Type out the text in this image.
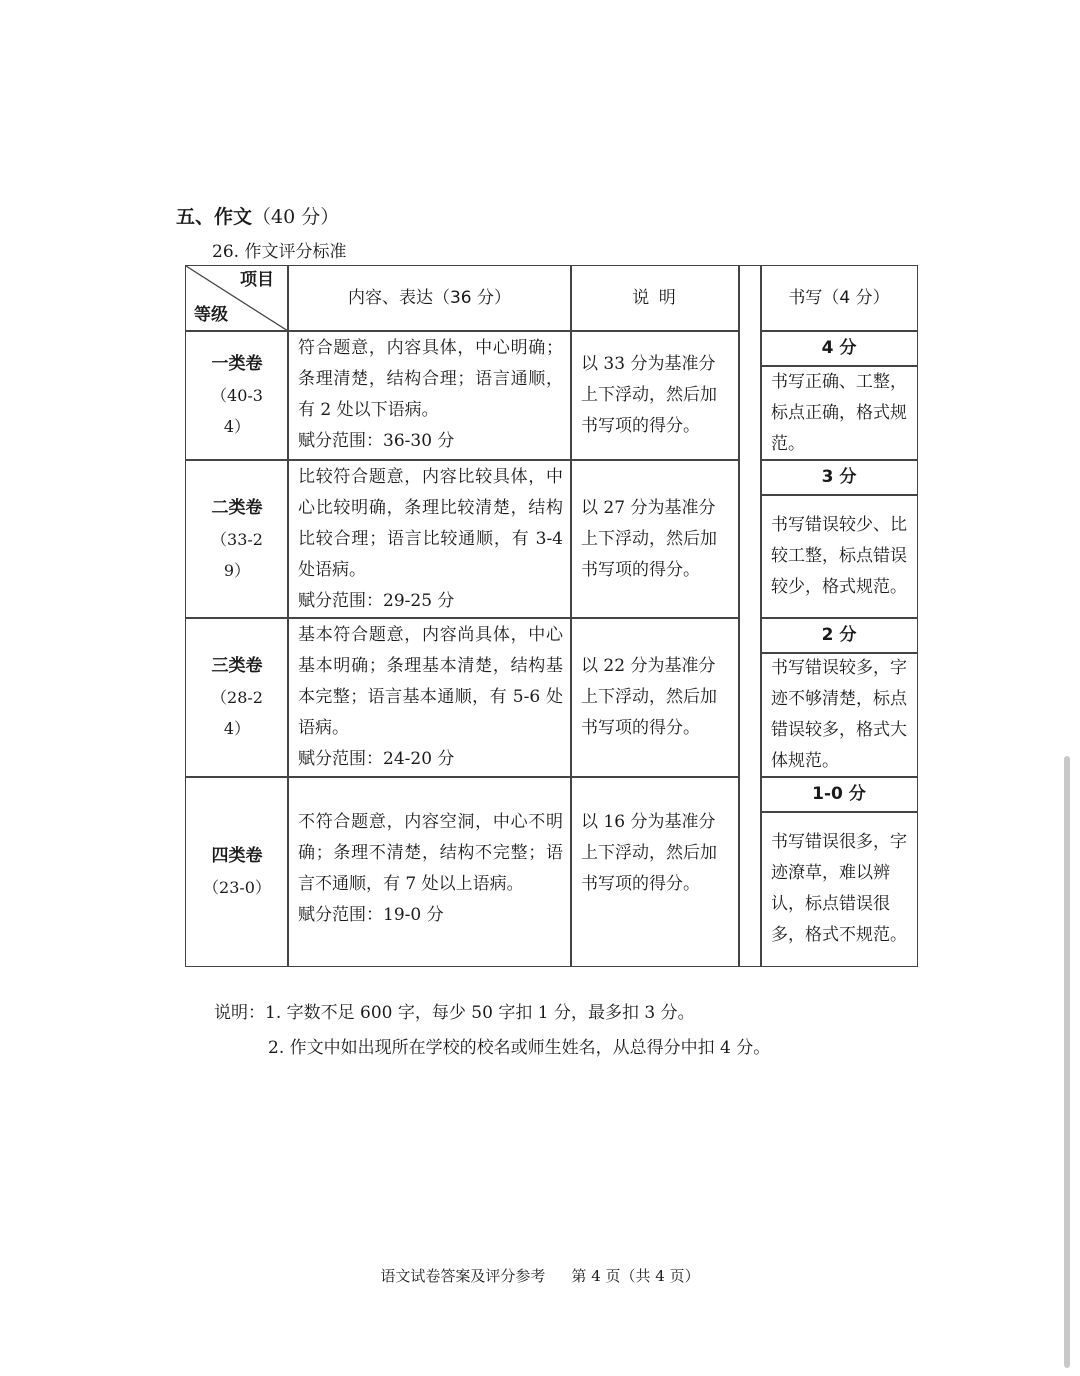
五、作文（40 分）
26. 作文评分标准
项目
等级
内容、表达（36 分）	说 明	书写（4 分）
一类卷
（40-34）
符合题意，内容具体，中心明确；条理清楚，结构合理；语言通顺，有 2 处以下语病。
赋分范围：36-30 分
以 33 分为基准分上下浮动，然后加书写项的得分。
4 分
书写正确、工整，标点正确，格式规范。
二类卷
（33-29）
比较符合题意，内容比较具体，中心比较明确，条理比较清楚，结构比较合理；语言比较通顺，有 3-4 处语病。
赋分范围：29-25 分
以 27 分为基准分上下浮动，然后加书写项的得分。
3 分
书写错误较少、比较工整，标点错误较少，格式规范。
三类卷
（28-24）
基本符合题意，内容尚具体，中心基本明确；条理基本清楚，结构基本完整；语言基本通顺，有 5-6 处语病。
赋分范围：24-20 分
以 22 分为基准分上下浮动，然后加书写项的得分。
2 分
书写错误较多，字迹不够清楚，标点错误较多，格式大体规范。
四类卷
（23-0）
不符合题意，内容空洞，中心不明确；条理不清楚，结构不完整；语言不通顺，有 7 处以上语病。
赋分范围：19-0 分
以 16 分为基准分上下浮动，然后加书写项的得分。
1-0 分
书写错误很多，字迹潦草，难以辨认，标点错误很多，格式不规范。
说明：1. 字数不足 600 字，每少 50 字扣 1 分，最多扣 3 分。
2. 作文中如出现所在学校的校名或师生姓名，从总得分中扣 4 分。
语文试卷答案及评分参考 第 4 页（共 4 页）
